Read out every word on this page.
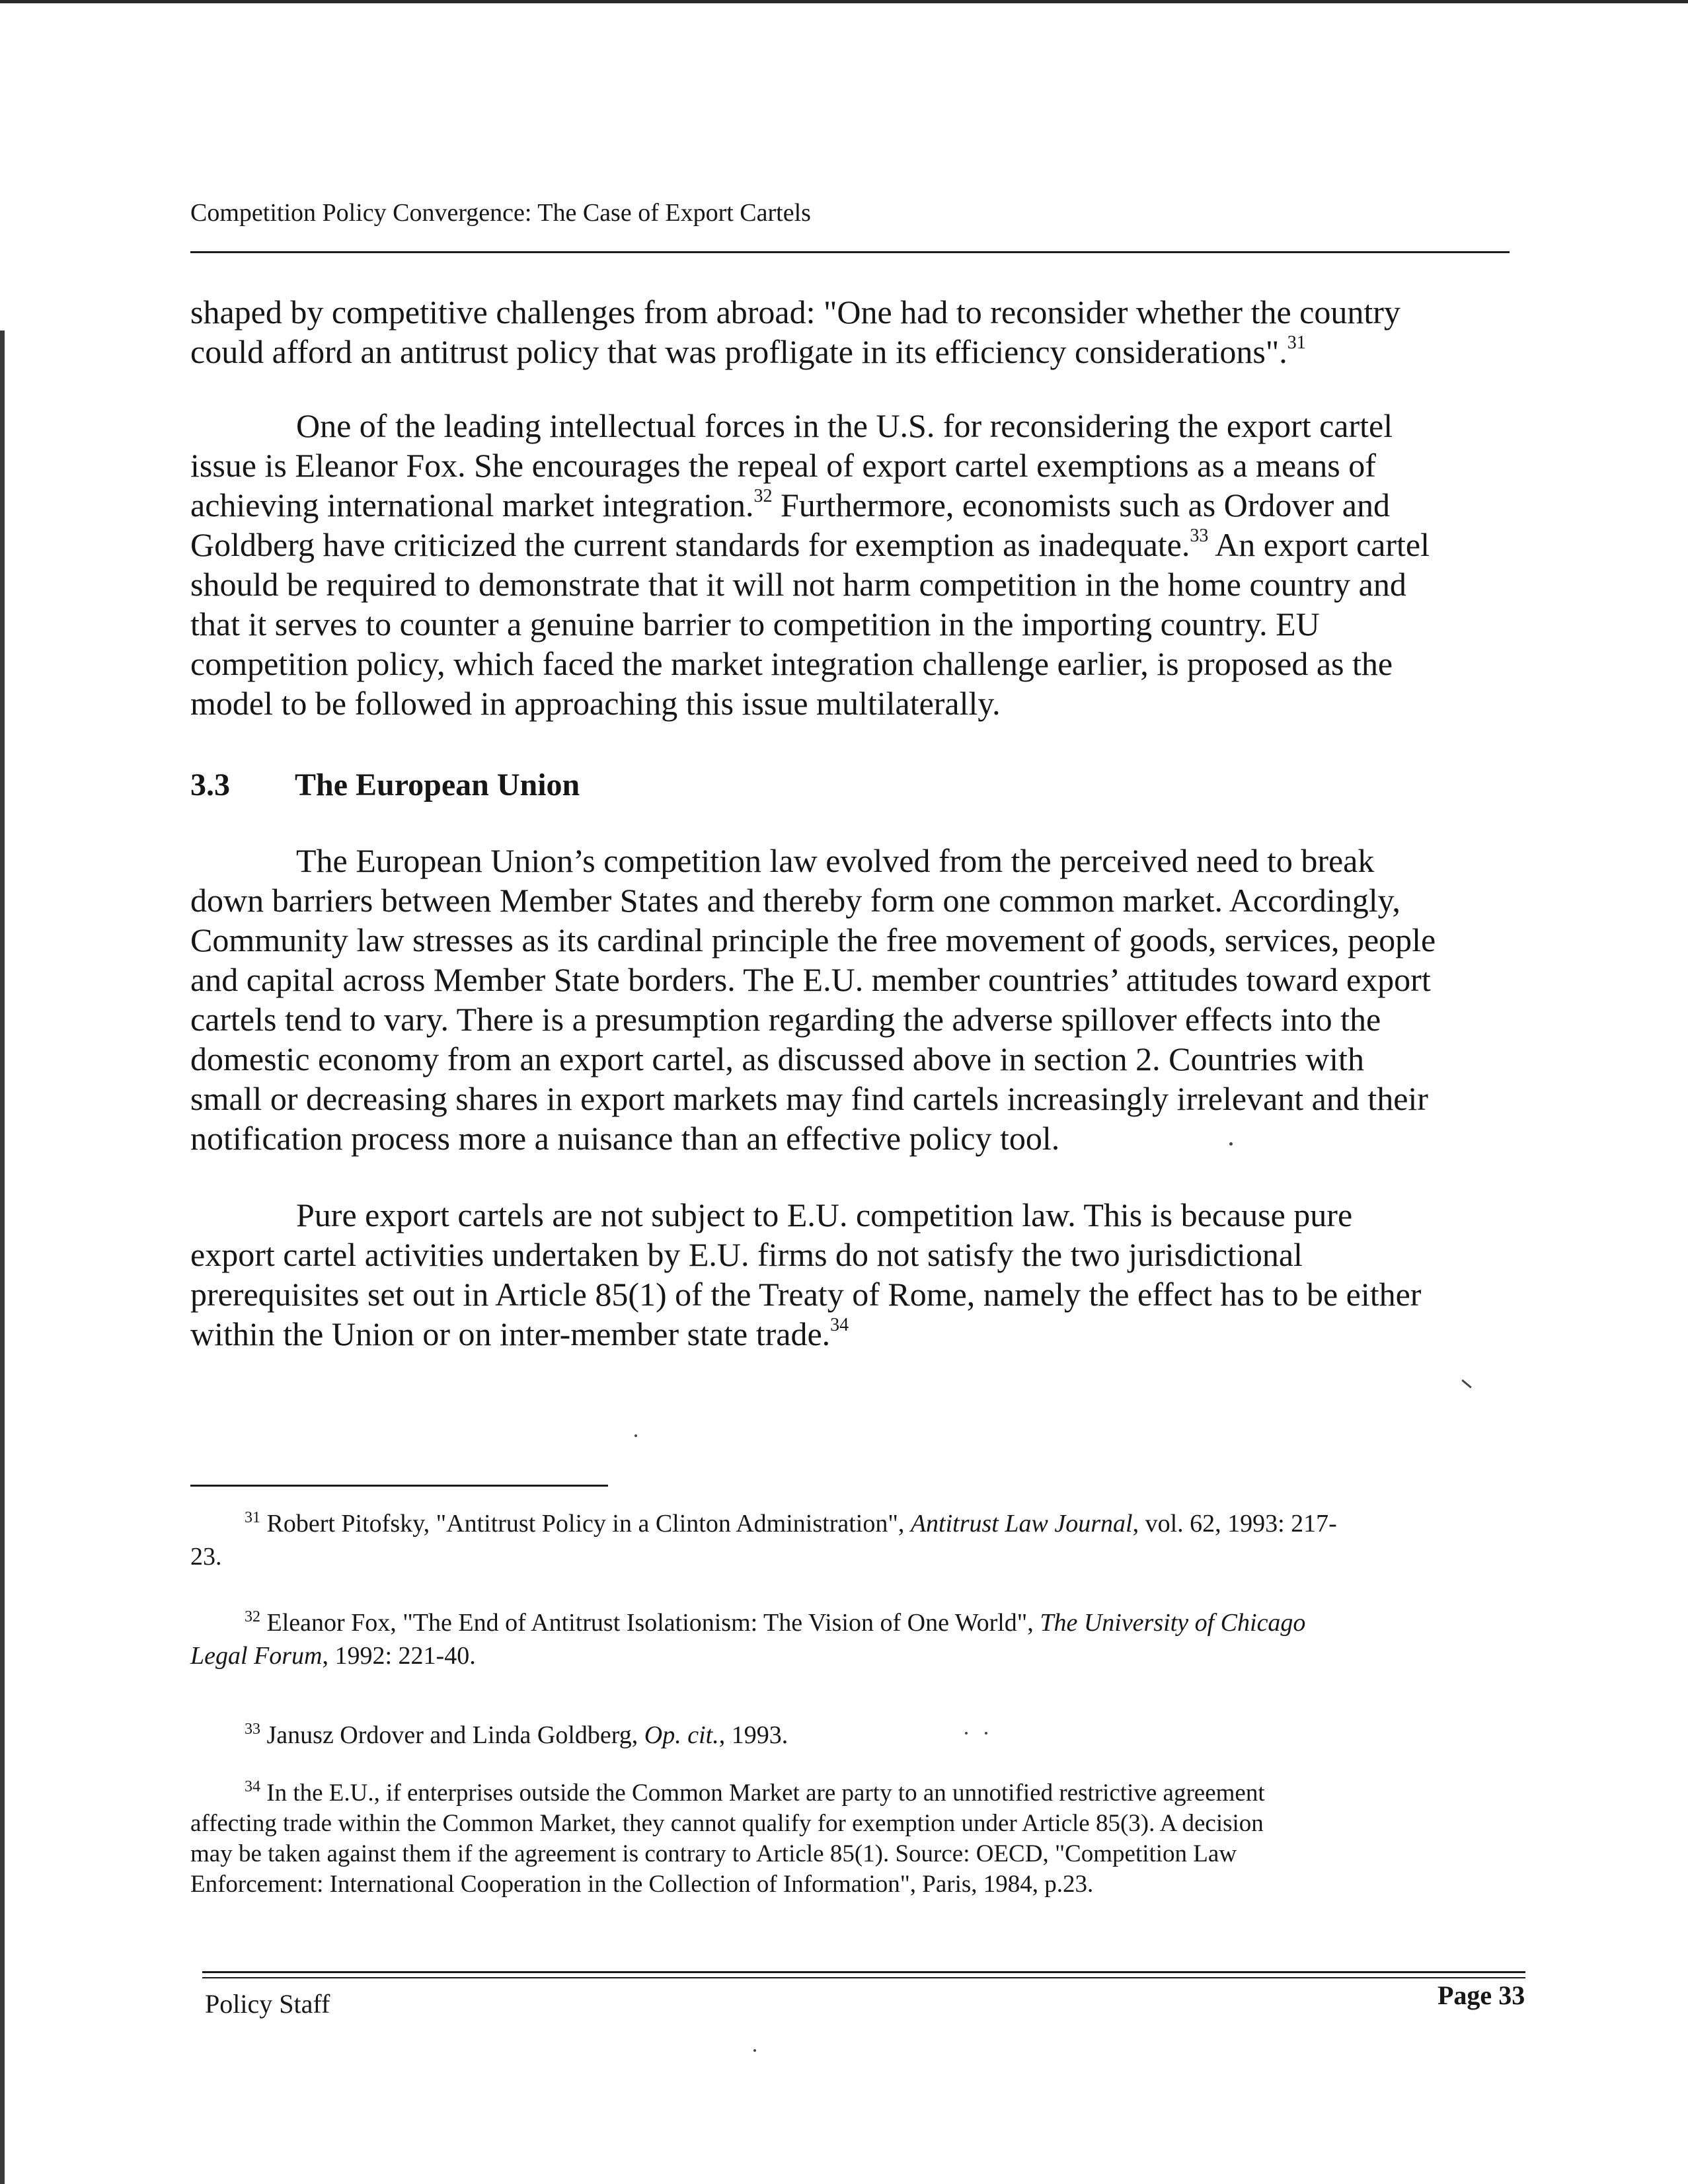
Competition Policy Convergence: The Case of Export Cartels
shaped by competitive challenges from abroad: "One had to reconsider whether the country
could afford an antitrust policy that was profligate in its efficiency considerations".$^{31}$
One of the leading intellectual forces in the U.S. for reconsidering the export cartel
issue is Eleanor Fox. She encourages the repeal of export cartel exemptions as a means of
achieving international market integration.$^{32}$ Furthermore, economists such as Ordover and
Goldberg have criticized the current standards for exemption as inadequate.$^{33}$ An export cartel
should be required to demonstrate that it will not harm competition in the home country and
that it serves to counter a genuine barrier to competition in the importing country. EU
competition policy, which faced the market integration challenge earlier, is proposed as the
model to be followed in approaching this issue multilaterally.
3.3 The European Union
The European Union’s competition law evolved from the perceived need to break
down barriers between Member States and thereby form one common market. Accordingly,
Community law stresses as its cardinal principle the free movement of goods, services, people
and capital across Member State borders. The E.U. member countries’ attitudes toward export
cartels tend to vary. There is a presumption regarding the adverse spillover effects into the
domestic economy from an export cartel, as discussed above in section 2. Countries with
small or decreasing shares in export markets may find cartels increasingly irrelevant and their
notification process more a nuisance than an effective policy tool.
Pure export cartels are not subject to E.U. competition law. This is because pure
export cartel activities undertaken by E.U. firms do not satisfy the two jurisdictional
prerequisites set out in Article 85(1) of the Treaty of Rome, namely the effect has to be either
within the Union or on inter-member state trade.$^{34}$
$^{31}$ Robert Pitofsky, "Antitrust Policy in a Clinton Administration", Antitrust Law Journal, vol. 62, 1993: 217-
23.
$^{32}$ Eleanor Fox, "The End of Antitrust Isolationism: The Vision of One World", The University of Chicago
Legal Forum, 1992: 221-40.
$^{33}$ Janusz Ordover and Linda Goldberg, Op. cit., 1993.
$^{34}$ In the E.U., if enterprises outside the Common Market are party to an unnotified restrictive agreement
affecting trade within the Common Market, they cannot qualify for exemption under Article 85(3). A decision
may be taken against them if the agreement is contrary to Article 85(1). Source: OECD, "Competition Law
Enforcement: International Cooperation in the Collection of Information", Paris, 1984, p.23.
Policy Staff	Page 33
